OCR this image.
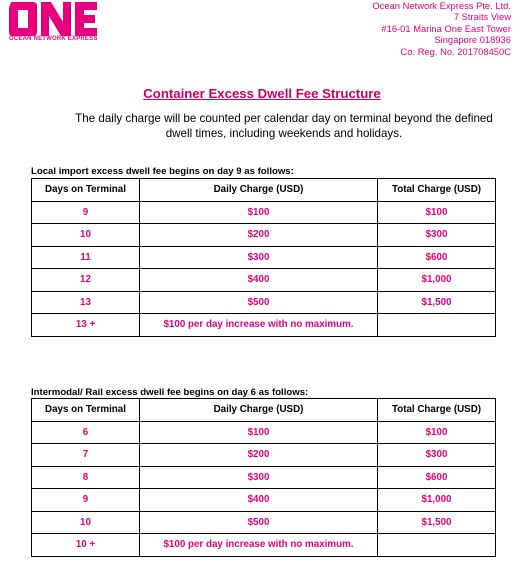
OCEAN NETWORK EXPRESS
Ocean Network Express Pte. Ltd.
7 Straits View
#16-01 Marina One East Tower
Singapore 018936
Co. Reg. No. 201708450C
Container Excess Dwell Fee Structure
The daily charge will be counted per calendar day on terminal beyond the defined dwell times, including weekends and holidays.
Local import excess dwell fee begins on day 9 as follows:
Days on Terminal	Daily Charge (USD)	Total Charge (USD)
9	$100	$100
10	$200	$300
11	$300	$600
12	$400	$1,000
13	$500	$1,500
13 +	$100 per day increase with no maximum.	
Intermodal/ Rail excess dwell fee begins on day 6 as follows:
Days on Terminal	Daily Charge (USD)	Total Charge (USD)
6	$100	$100
7	$200	$300
8	$300	$600
9	$400	$1,000
10	$500	$1,500
10 +	$100 per day increase with no maximum.	
